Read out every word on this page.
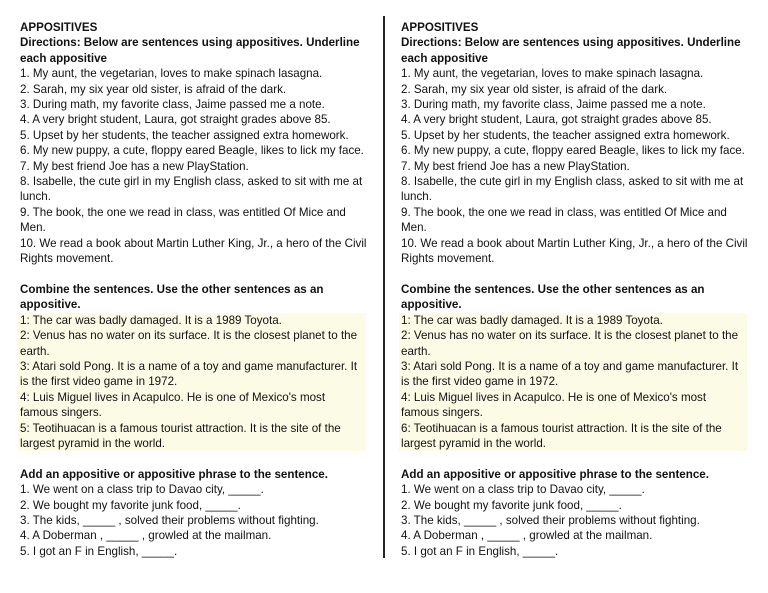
APPOSITIVES

Directions: Below are sentences using appositives. Underline each appositive

1. My aunt, the vegetarian, loves to make spinach lasagna.

2. Sarah, my six year old sister, is afraid of the dark.

3. During math, my favorite class, Jaime passed me a note.

4. A very bright student, Laura, got straight grades above 85.

5. Upset by her students, the teacher assigned extra homework.

6. My new puppy, a cute, floppy eared Beagle, likes to lick my face.

7. My best friend Joe has a new PlayStation.

8. Isabelle, the cute girl in my English class, asked to sit with me at lunch.

9. The book, the one we read in class, was entitled Of Mice and Men.

10. We read a book about Martin Luther King, Jr., a hero of the Civil Rights movement.

Combine the sentences. Use the other sentences as an appositive.

1: The car was badly damaged. It is a 1989 Toyota.

2: Venus has no water on its surface. It is the closest planet to the earth.

3: Atari sold Pong. It is a name of a toy and game manufacturer. It is the first video game in 1972.

4: Luis Miguel lives in Acapulco. He is one of Mexico's most famous singers.

5: Teotihuacan is a famous tourist attraction. It is the site of the largest pyramid in the world.

Add an appositive or appositive phrase to the sentence.

1. We went on a class trip to Davao city, _____.

2. We bought my favorite junk food, _____.

3. The kids, _____ , solved their problems without fighting.

4. A Doberman , _____ , growled at the mailman.

5. I got an F in English, _____.

APPOSITIVES

Directions: Below are sentences using appositives. Underline each appositive

1. My aunt, the vegetarian, loves to make spinach lasagna.

2. Sarah, my six year old sister, is afraid of the dark.

3. During math, my favorite class, Jaime passed me a note.

4. A very bright student, Laura, got straight grades above 85.

5. Upset by her students, the teacher assigned extra homework.

6. My new puppy, a cute, floppy eared Beagle, likes to lick my face.

7. My best friend Joe has a new PlayStation.

8. Isabelle, the cute girl in my English class, asked to sit with me at lunch.

9. The book, the one we read in class, was entitled Of Mice and Men.

10. We read a book about Martin Luther King, Jr., a hero of the Civil Rights movement.

Combine the sentences. Use the other sentences as an appositive.

1: The car was badly damaged. It is a 1989 Toyota.

2: Venus has no water on its surface. It is the closest planet to the earth.

3: Atari sold Pong. It is a name of a toy and game manufacturer. It is the first video game in 1972.

4: Luis Miguel lives in Acapulco. He is one of Mexico's most famous singers.

6: Teotihuacan is a famous tourist attraction. It is the site of the largest pyramid in the world.

Add an appositive or appositive phrase to the sentence.

1. We went on a class trip to Davao city, _____.

2. We bought my favorite junk food, _____.

3. The kids, _____ , solved their problems without fighting.

4. A Doberman , _____ , growled at the mailman.

5. I got an F in English, _____.
